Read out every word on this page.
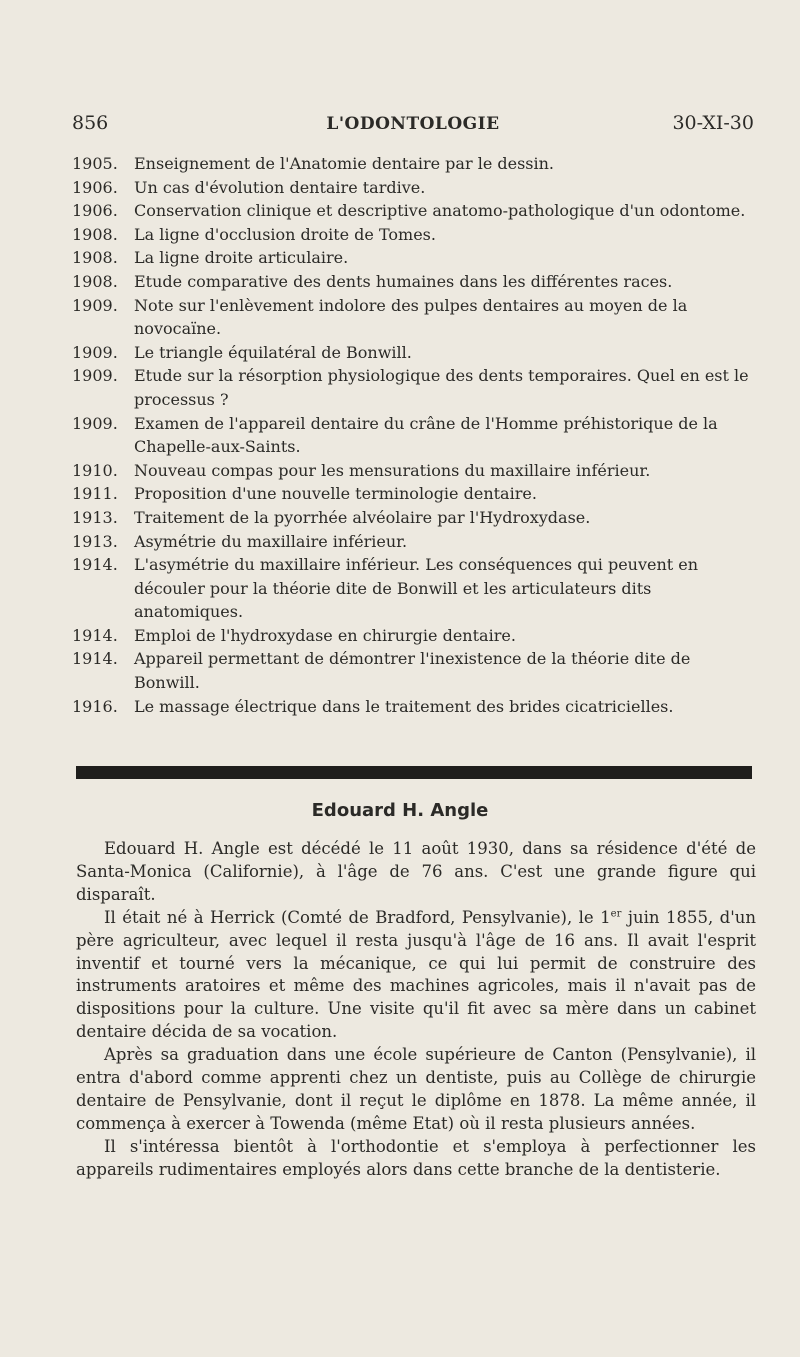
856	L'ODONTOLOGIE	30-XI-30
1905.	Enseignement de l'Anatomie dentaire par le dessin.
1906.	Un cas d'évolution dentaire tardive.
1906.	Conservation clinique et descriptive anatomo-pathologique d'un odontome.
1908.	La ligne d'occlusion droite de Tomes.
1908.	La ligne droite articulaire.
1908.	Etude comparative des dents humaines dans les différentes races.
1909.	Note sur l'enlèvement indolore des pulpes dentaires au moyen de la novocaïne.
1909.	Le triangle équilatéral de Bonwill.
1909.	Etude sur la résorption physiologique des dents temporaires. Quel en est le processus ?
1909.	Examen de l'appareil dentaire du crâne de l'Homme préhistorique de la Chapelle-aux-Saints.
1910.	Nouveau compas pour les mensurations du maxillaire inférieur.
1911.	Proposition d'une nouvelle terminologie dentaire.
1913.	Traitement de la pyorrhée alvéolaire par l'Hydroxydase.
1913.	Asymétrie du maxillaire inférieur.
1914.	L'asymétrie du maxillaire inférieur. Les conséquences qui peuvent en découler pour la théorie dite de Bonwill et les articulateurs dits anatomiques.
1914.	Emploi de l'hydroxydase en chirurgie dentaire.
1914.	Appareil permettant de démontrer l'inexistence de la théorie dite de Bonwill.
1916.	Le massage électrique dans le traitement des brides cicatricielles.
Edouard H. Angle

Edouard H. Angle est décédé le 11 août 1930, dans sa résidence d'été de Santa-Monica (Californie), à l'âge de 76 ans. C'est une grande figure qui disparaît.

Il était né à Herrick (Comté de Bradford, Pensylvanie), le 1er juin 1855, d'un père agriculteur, avec lequel il resta jusqu'à l'âge de 16 ans. Il avait l'esprit inventif et tourné vers la mécanique, ce qui lui permit de construire des instruments aratoires et même des machines agricoles, mais il n'avait pas de dispositions pour la culture. Une visite qu'il fit avec sa mère dans un cabinet dentaire décida de sa vocation.

Après sa graduation dans une école supérieure de Canton (Pensylvanie), il entra d'abord comme apprenti chez un dentiste, puis au Collège de chirurgie dentaire de Pensylvanie, dont il reçut le diplôme en 1878. La même année, il commença à exercer à Towenda (même Etat) où il resta plusieurs années.

Il s'intéressa bientôt à l'orthodontie et s'employa à perfectionner les appareils rudimentaires employés alors dans cette branche de la dentisterie.
